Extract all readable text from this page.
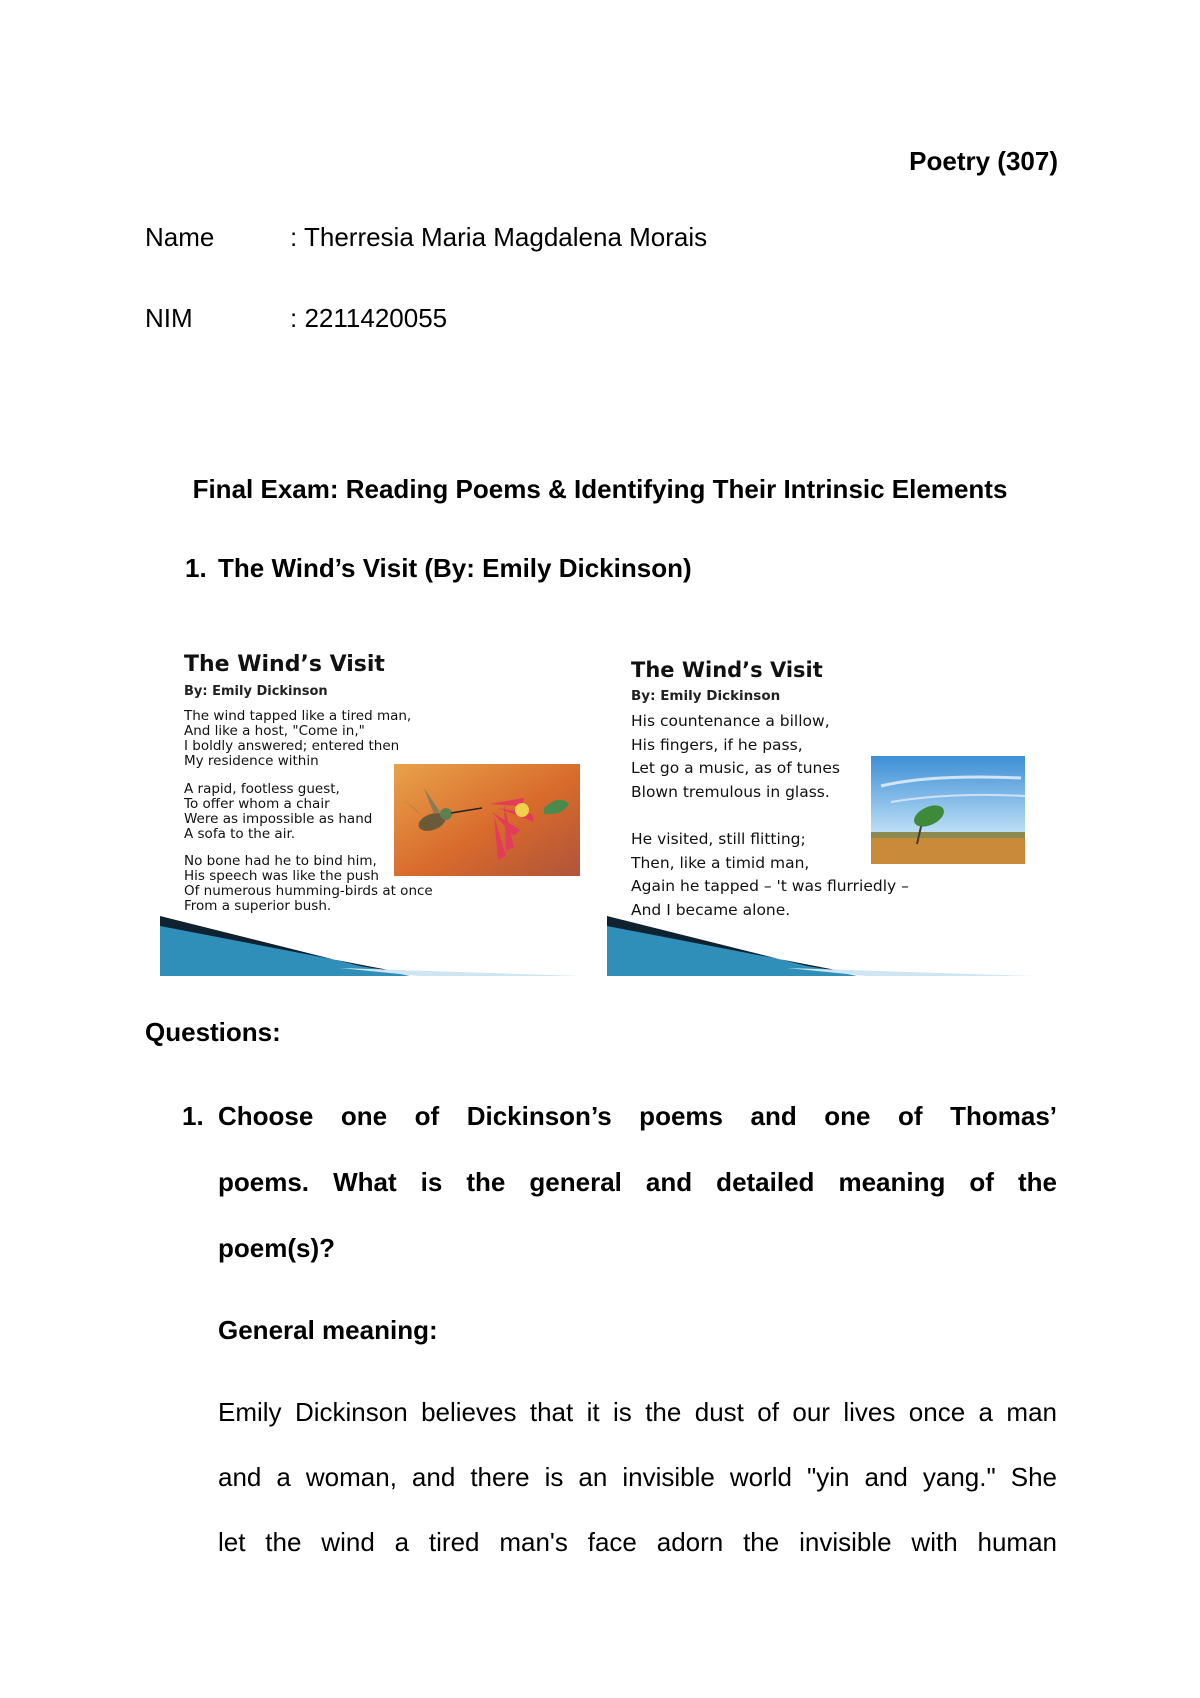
Poetry (307)
Name	: Therresia Maria Magdalena Morais
NIM	: 2211420055
Final Exam: Reading Poems & Identifying Their Intrinsic Elements
1. The Wind’s Visit (By: Emily Dickinson)
The Wind’s Visit
By: Emily Dickinson
The wind tapped like a tired man,
And like a host, "Come in,"
I boldly answered; entered then
My residence within
A rapid, footless guest,
To offer whom a chair
Were as impossible as hand
A sofa to the air.
No bone had he to bind him,
His speech was like the push
Of numerous humming-birds at once
From a superior bush.
The Wind’s Visit
By: Emily Dickinson
His countenance a billow,
His fingers, if he pass,
Let go a music, as of tunes
Blown tremulous in glass.
He visited, still flitting;
Then, like a timid man,
Again he tapped – 't was flurriedly –
And I became alone.
Questions:
1. Choose one of Dickinson’s poems and one of Thomas’
poems. What is the general and detailed meaning of the
poem(s)?
General meaning:
Emily Dickinson believes that it is the dust of our lives once a man
and a woman, and there is an invisible world "yin and yang." She
let the wind a tired man's face adorn the invisible with human
